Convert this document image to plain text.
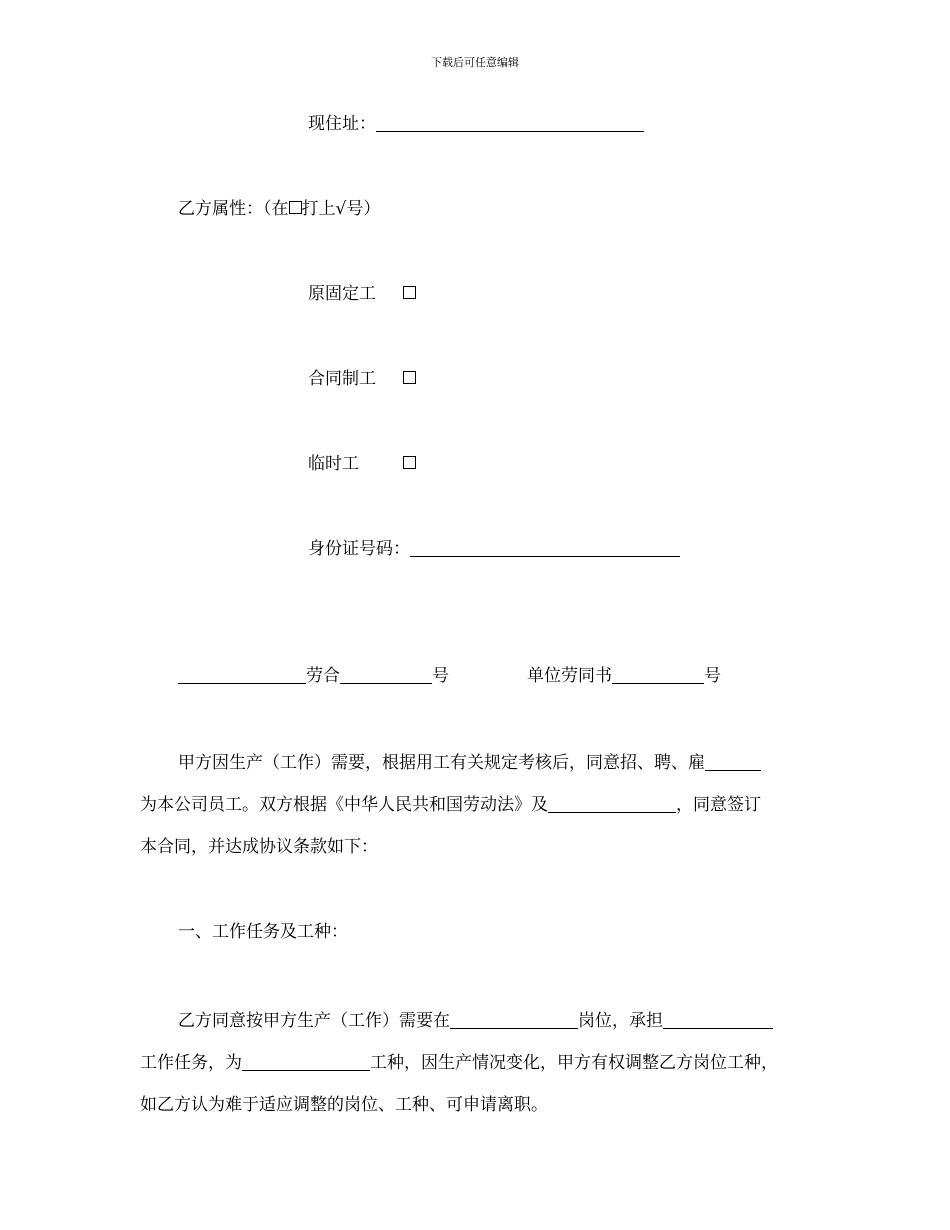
下载后可任意编辑
现住址：
乙方属性：（在 打上√号）
原固定工
合同制工
临时工
身份证号码：
劳合	号	单位劳同书	号
甲方因生产（工作）需要，根据用工有关规定考核后，同意招、聘、雇
为本公司员工。双方根据《中华人民共和国劳动法》及	，同意签订
本合同，并达成协议条款如下：
一、工作任务及工种：
乙方同意按甲方生产（工作）需要在	岗位，承担
工作任务，为	工种，因生产情况变化，甲方有权调整乙方岗位工种，
如乙方认为难于适应调整的岗位、工种、可申请离职。
